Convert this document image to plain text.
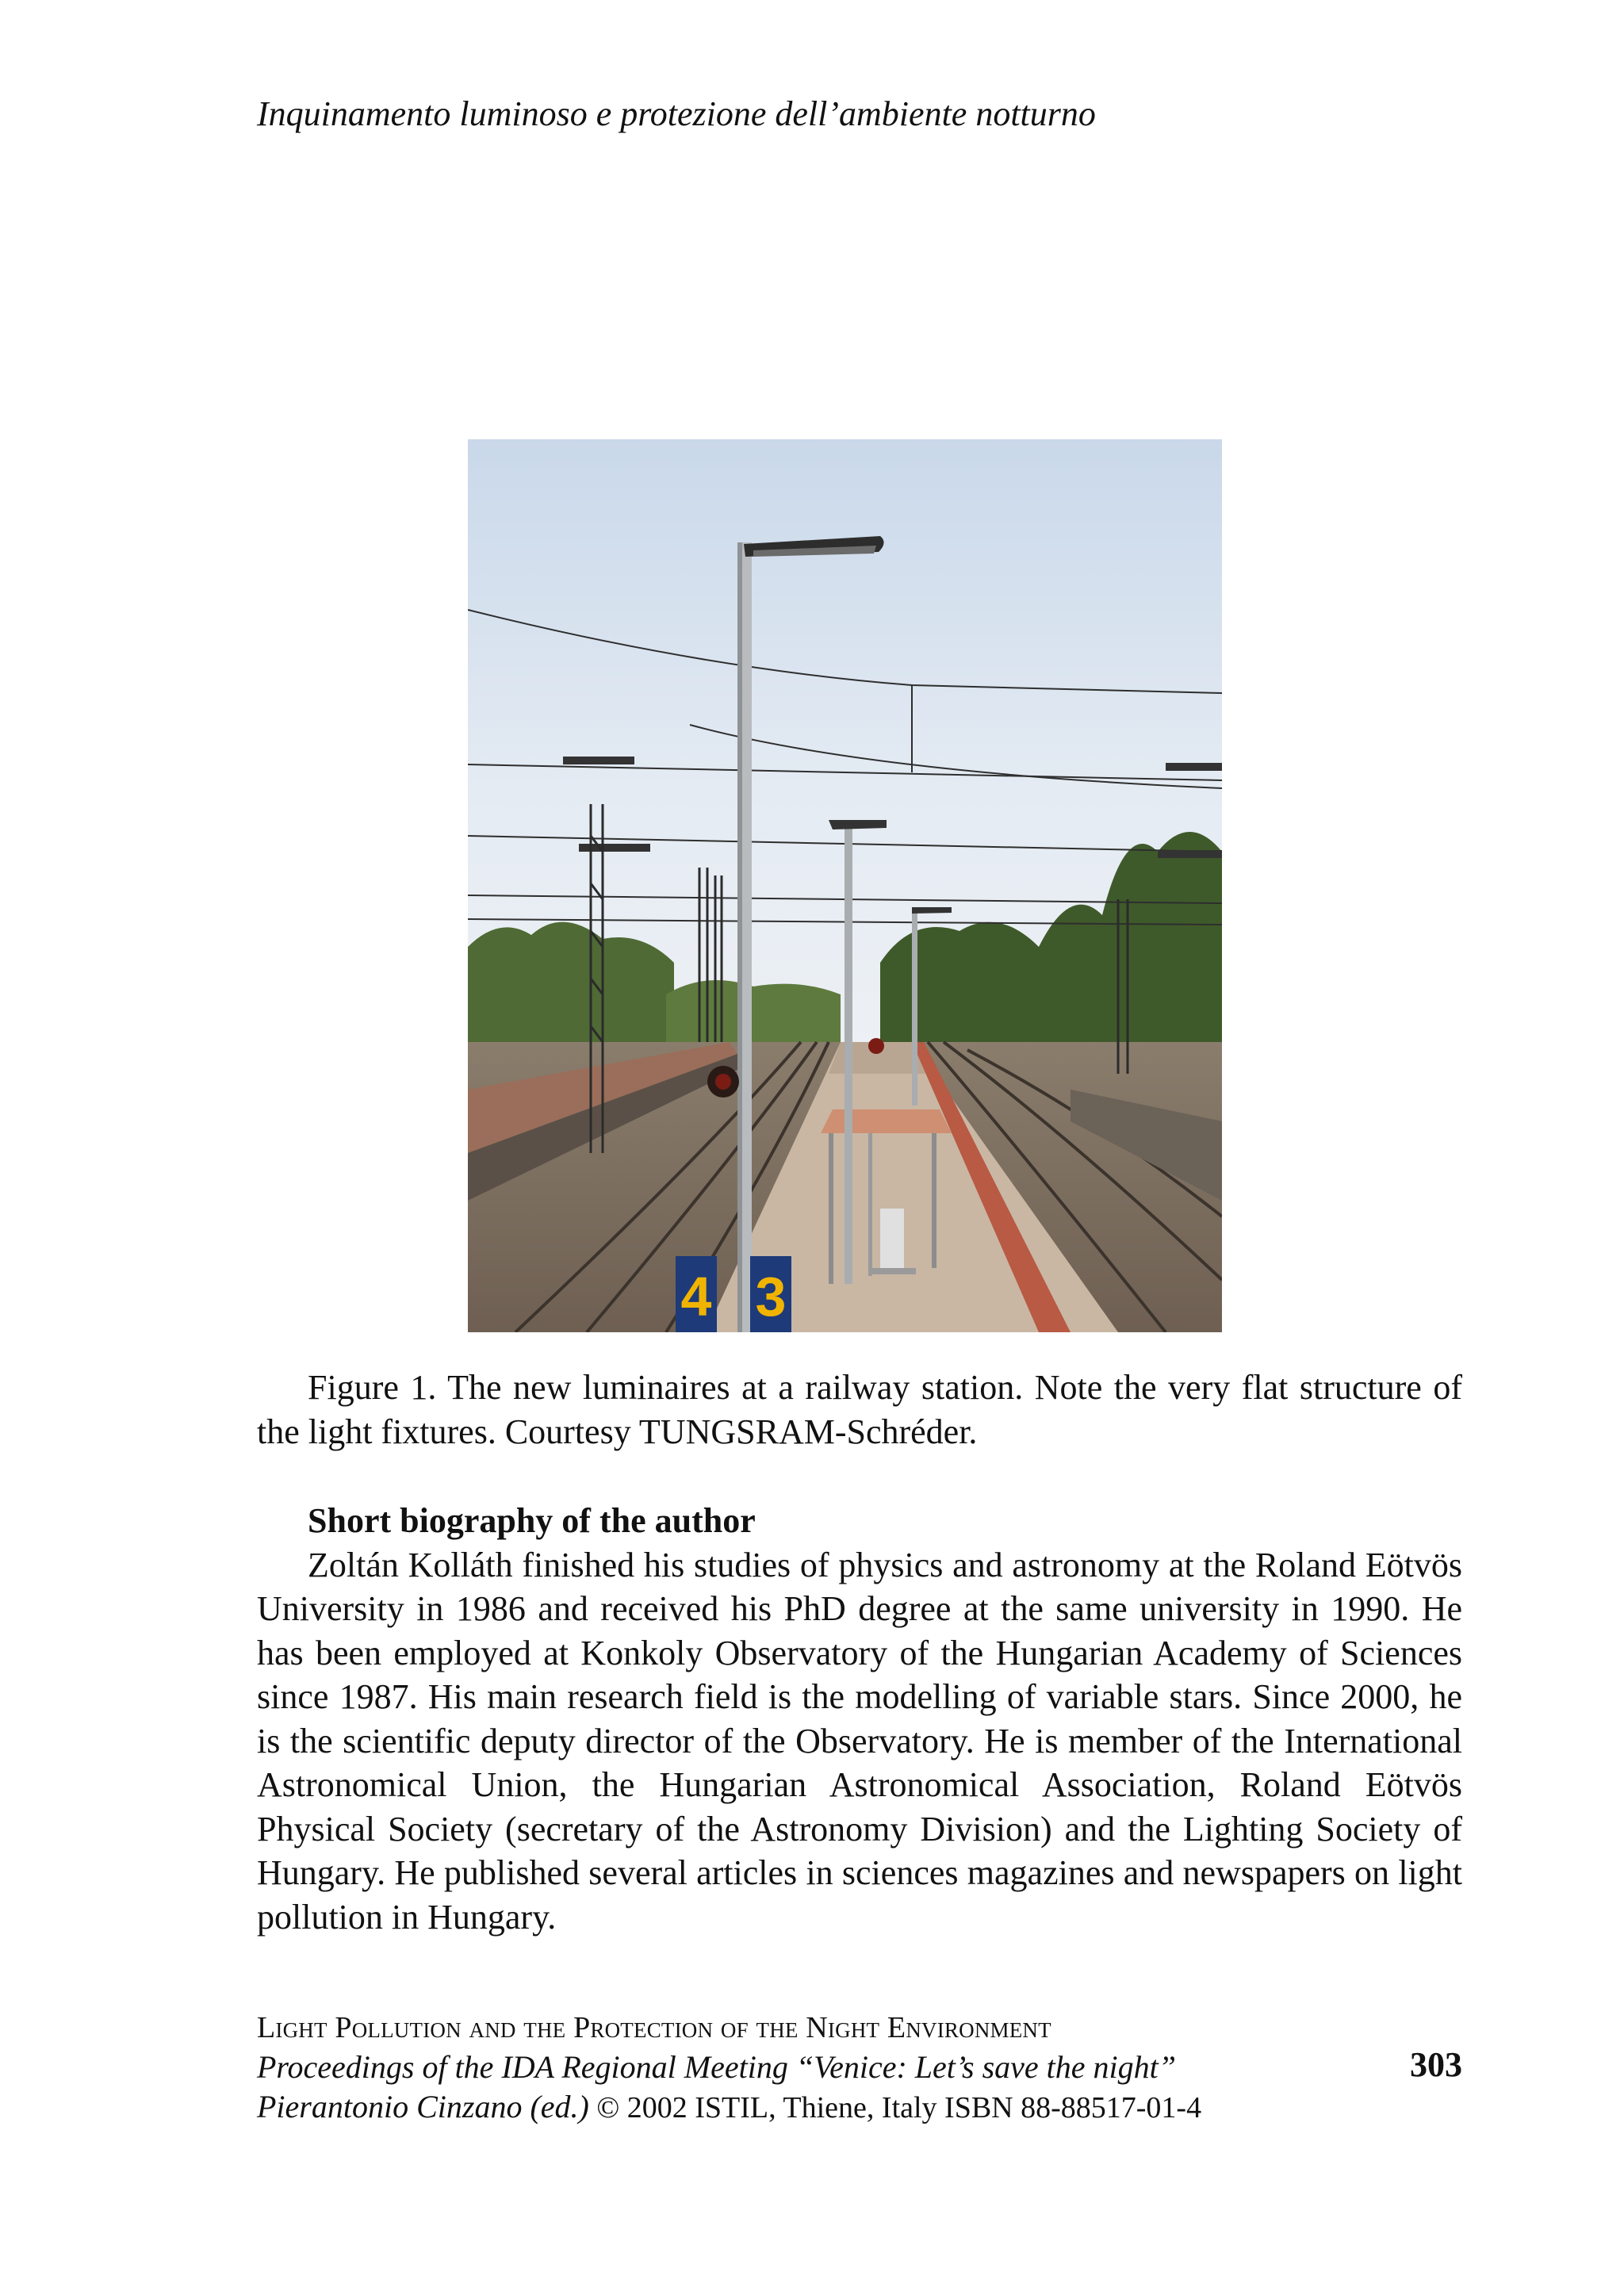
Inquinamento luminoso e protezione dell’ambiente notturno
4 3
Figure 1. The new luminaires at a railway station. Note the very flat structure of the light fixtures. Courtesy TUNGSRAM-Schréder.
Short biography of the author
Zoltán Kolláth finished his studies of physics and astronomy at the Roland Eötvös University in 1986 and received his PhD degree at the same university in 1990. He has been employed at Konkoly Observatory of the Hungarian Academy of Sciences since 1987. His main research field is the modelling of variable stars. Since 2000, he is the scientific deputy director of the Observatory. He is member of the International Astronomical Union, the Hungarian Astronomical Association, Roland Eötvös Physical Society (secretary of the Astronomy Division) and the Lighting Society of Hungary. He published several articles in sciences magazines and newspapers on light pollution in Hungary.
Light Pollution and the Protection of the Night Environment
Proceedings of the IDA Regional Meeting “Venice: Let’s save the night”
Pierantonio Cinzano (ed.) © 2002 ISTIL, Thiene, Italy ISBN 88-88517-01-4
303
